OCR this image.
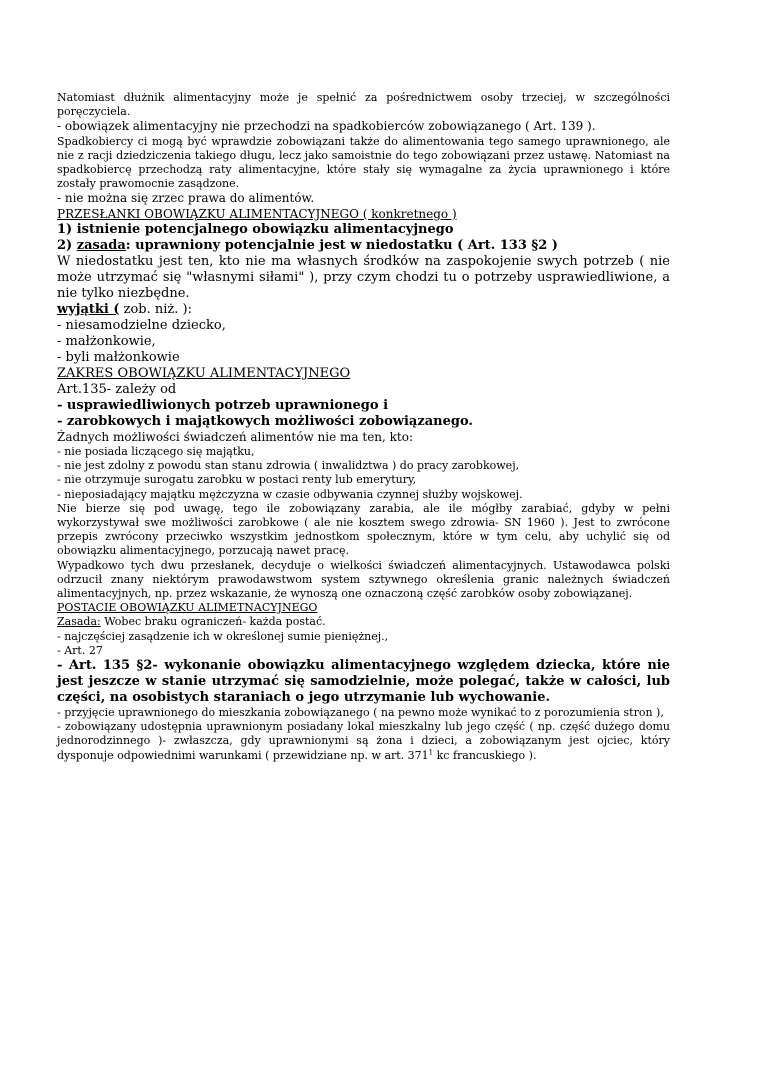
Natomiast dłużnik alimentacyjny może je spełnić za pośrednictwem osoby trzeciej, w szczególności poręczyciela.

- obowiązek alimentacyjny nie przechodzi na spadkobierców zobowiązanego ( Art. 139 ).

Spadkobiercy ci mogą być wprawdzie zobowiązani także do alimentowania tego samego uprawnionego, ale nie z racji dziedziczenia takiego długu, lecz jako samoistnie do tego zobowiązani przez ustawę. Natomiast na spadkobiercę przechodzą raty alimentacyjne, które stały się wymagalne za życia uprawnionego i które zostały prawomocnie zasądzone.

- nie można się zrzec prawa do alimentów.

PRZESŁANKI OBOWIĄZKU ALIMENTACYJNEGO ( konkretnego )

1) istnienie potencjalnego obowiązku alimentacyjnego

2) zasada: uprawniony potencjalnie jest w niedostatku ( Art. 133 §2 )

W niedostatku jest ten, kto nie ma własnych środków na zaspokojenie swych potrzeb ( nie może utrzymać się "własnymi siłami" ), przy czym chodzi tu o potrzeby usprawiedliwione, a nie tylko niezbędne.

wyjątki ( zob. niż. ):

- niesamodzielne dziecko,

- małżonkowie,

- byli małżonkowie

ZAKRES OBOWIĄZKU ALIMENTACYJNEGO

Art.135- zależy od

- usprawiedliwionych potrzeb uprawnionego i

- zarobkowych i majątkowych możliwości zobowiązanego.

Żadnych możliwości świadczeń alimentów nie ma ten, kto:

- nie posiada liczącego się majątku,

- nie jest zdolny z powodu stan stanu zdrowia ( inwalidztwa ) do pracy zarobkowej,

- nie otrzymuje surogatu zarobku w postaci renty lub emerytury,

- nieposiadający majątku mężczyzna w czasie odbywania czynnej służby wojskowej.

Nie bierze się pod uwagę, tego ile zobowiązany zarabia, ale ile mógłby zarabiać, gdyby w pełni wykorzystywał swe możliwości zarobkowe ( ale nie kosztem swego zdrowia- SN 1960 ). Jest to zwrócone przepis zwrócony przeciwko wszystkim jednostkom społecznym, które w tym celu, aby uchylić się od obowiązku alimentacyjnego, porzucają nawet pracę.

Wypadkowo tych dwu przesłanek, decyduje o wielkości świadczeń alimentacyjnych. Ustawodawca polski odrzucił znany niektórym prawodawstwom system sztywnego określenia granic należnych świadczeń alimentacyjnych, np. przez wskazanie, że wynoszą one oznaczoną część zarobków osoby zobowiązanej.

POSTACIE OBOWIĄZKU ALIMETNACYJNEGO

Zasada: Wobec braku ograniczeń- każda postać.

- najczęściej zasądzenie ich w określonej sumie pieniężnej.,

- Art. 27

- Art. 135 §2- wykonanie obowiązku alimentacyjnego względem dziecka, które nie jest jeszcze w stanie utrzymać się samodzielnie, może polegać, także w całości, lub części, na osobistych staraniach o jego utrzymanie lub wychowanie.

- przyjęcie uprawnionego do mieszkania zobowiązanego ( na pewno może wynikać to z porozumienia stron ),

- zobowiązany udostępnia uprawnionym posiadany lokal mieszkalny lub jego część ( np. część dużego domu jednorodzinnego )- zwłaszcza, gdy uprawnionymi są żona i dzieci, a zobowiązanym jest ojciec, który dysponuje odpowiednimi warunkami ( przewidziane np. w art. $371^1$ kc francuskiego ).
